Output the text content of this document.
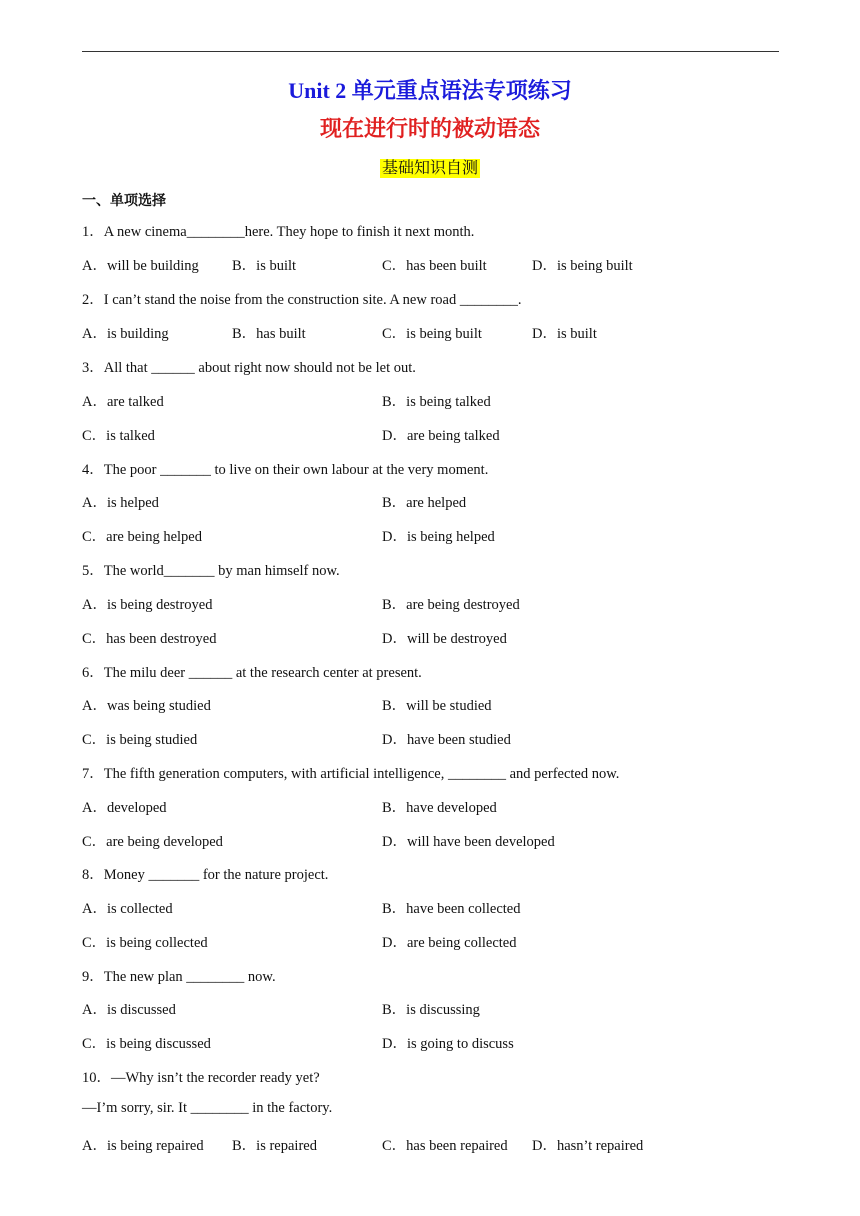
Unit 2 单元重点语法专项练习
现在进行时的被动语态
基础知识自测
一、单项选择
1．A new cinema________here. They hope to finish it next month.
A．will be building B．is built	C．has been built	D．is being built
2．I can’t stand the noise from the construction site. A new road ________.
A．is building	B．has built	C．is being built	D．is built
3．All that ______ about right now should not be let out.
A．are talked	B．is being talked
C．is talked	D．are being talked
4．The poor _______ to live on their own labour at the very moment.
A．is helped	B．are helped
C．are being helped	D．is being helped
5．The world_______ by man himself now.
A．is being destroyed	B．are being destroyed
C．has been destroyed	D．will be destroyed
6．The milu deer ______ at the research center at present.
A．was being studied	B．will be studied
C．is being studied	D．have been studied
7．The fifth generation computers, with artificial intelligence, ________ and perfected now.
A．developed	B．have developed
C．are being developed	D．will have been developed
8．Money _______ for the nature project.
A．is collected	B．have been collected
C．is being collected	D．are being collected
9．The new plan ________ now.
A．is discussed	B．is discussing
C．is being discussed	D．is going to discuss
10．—Why isn’t the recorder ready yet?
—I’m sorry, sir. It ________ in the factory.
A．is being repaired B．is repaired	C．has been repaired D．hasn’t repaired
